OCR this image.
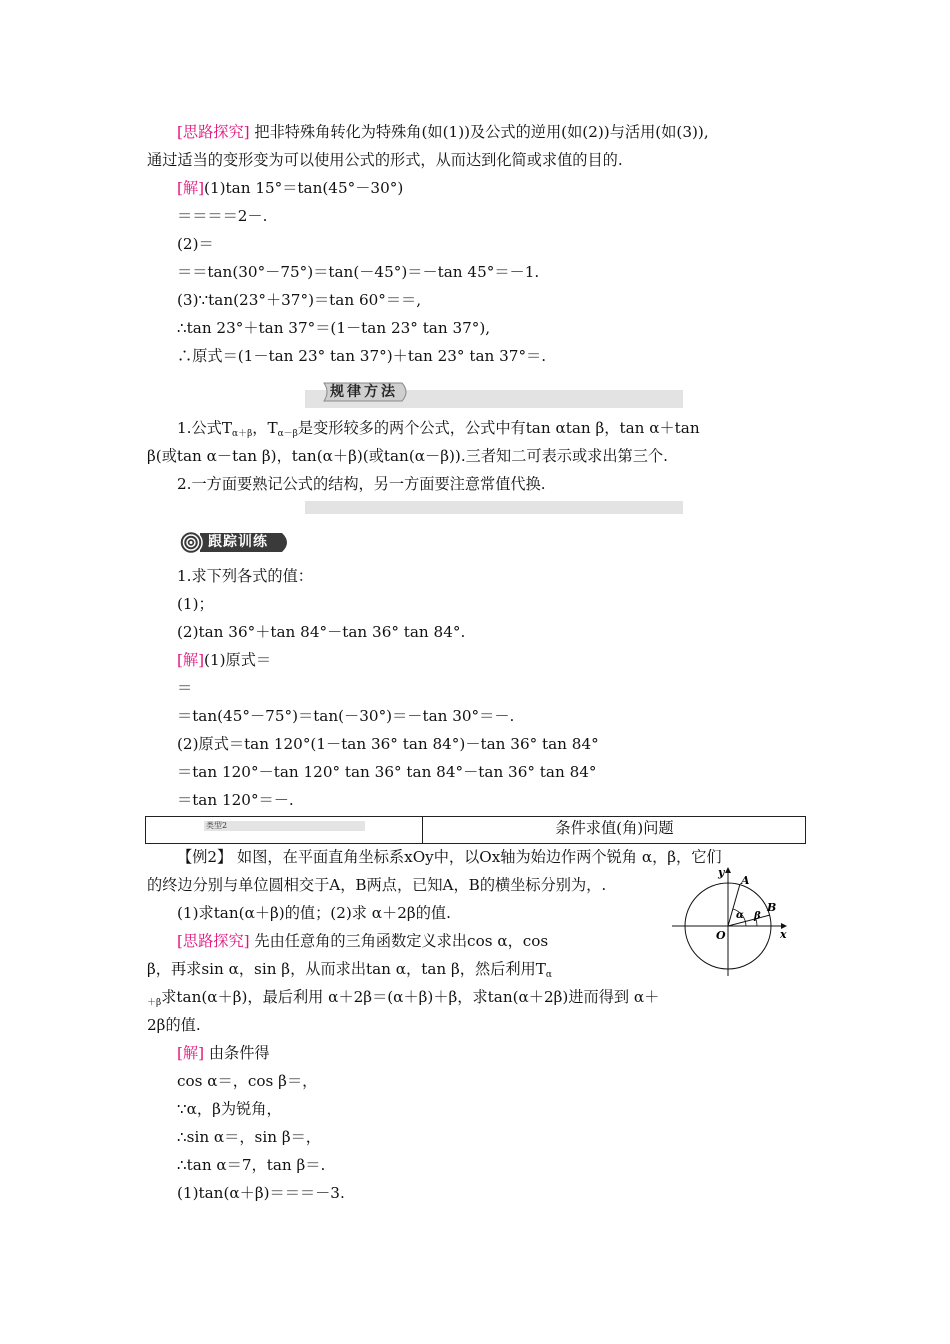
[思路探究] 把非特殊角转化为特殊角(如(1))及公式的逆用(如(2))与活用(如(3)),
通过适当的变形变为可以使用公式的形式，从而达到化简或求值的目的.
[解](1)tan 15°＝tan(45°－30°)
＝＝＝＝2－.
(2)＝
＝＝tan(30°－75°)＝tan(－45°)＝－tan 45°＝－1.
(3)∵tan(23°＋37°)＝tan 60°＝＝,
∴tan 23°＋tan 37°＝(1－tan 23° tan 37°),
∴原式＝(1－tan 23° tan 37°)＋tan 23° tan 37°＝.
规律方法
1.公式$T_{\alpha+\beta}$，$T_{\alpha-\beta}$是变形较多的两个公式，公式中有tan αtan β，tan α＋tan
β(或tan α－tan β)，tan(α＋β)(或tan(α－β)).三者知二可表示或求出第三个.
2.一方面要熟记公式的结构，另一方面要注意常值代换.
跟踪训练
1.求下列各式的值：
(1)；
(2)tan 36°＋tan 84°－tan 36° tan 84°.
[解](1)原式＝
＝
＝tan(45°－75°)＝tan(－30°)＝－tan 30°＝－.
(2)原式＝tan 120°(1－tan 36° tan 84°)－tan 36° tan 84°
＝tan 120°－tan 120° tan 36° tan 84°－tan 36° tan 84°
＝tan 120°＝－.
类型2	条件求值(角)问题
【例2】 如图，在平面直角坐标系xOy中，以Ox轴为始边作两个锐角 α，β，它们
的终边分别与单位圆相交于A，B两点，已知A，B的横坐标分别为，.
(1)求tan(α＋β)的值；(2)求 α＋2β的值.
[思路探究] 先由任意角的三角函数定义求出cos α，cos
β，再求sin α，sin β，从而求出tan α，tan β，然后利用$T_\alpha$
$_{+\beta}$求tan(α＋β)，最后利用 α＋2β＝(α＋β)＋β，求tan(α＋2β)进而得到 α＋
2β的值.
[解] 由条件得
cos α＝，cos β＝，
∵α，β为锐角，
∴sin α＝，sin β＝，
∴tan α＝7，tan β＝.
(1)tan(α＋β)＝＝＝－3.
y
x
O
A
B
α β
